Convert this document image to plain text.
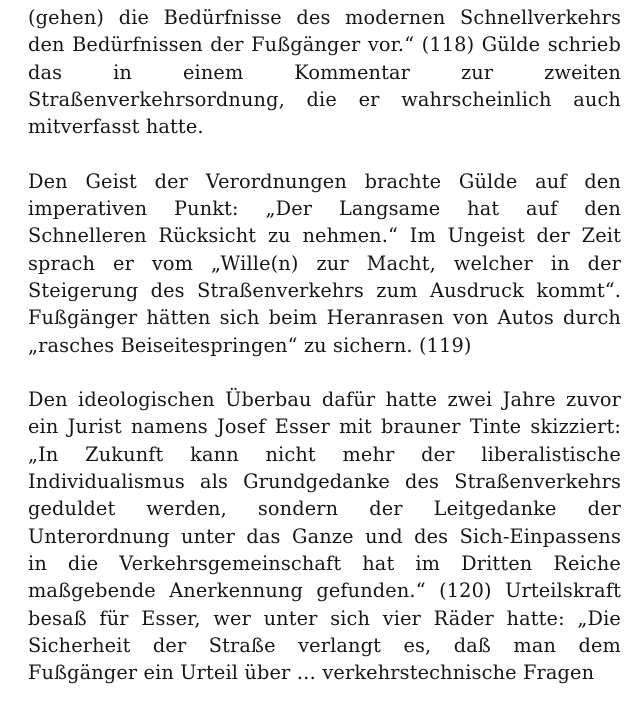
(gehen) die Bedürfnisse des modernen Schnellverkehrs
den Bedürfnissen der Fußgänger vor.“ (118) Gülde schrieb
das in einem Kommentar zur zweiten
Straßenverkehrsordnung, die er wahrscheinlich auch
mitverfasst hatte.

Den Geist der Verordnungen brachte Gülde auf den
imperativen Punkt: „Der Langsame hat auf den
Schnelleren Rücksicht zu nehmen.“ Im Ungeist der Zeit
sprach er vom „Wille(n) zur Macht, welcher in der
Steigerung des Straßenverkehrs zum Ausdruck kommt“.
Fußgänger hätten sich beim Heranrasen von Autos durch
„rasches Beiseitespringen“ zu sichern. (119)

Den ideologischen Überbau dafür hatte zwei Jahre zuvor
ein Jurist namens Josef Esser mit brauner Tinte skizziert:
„In Zukunft kann nicht mehr der liberalistische
Individualismus als Grundgedanke des Straßenverkehrs
geduldet werden, sondern der Leitgedanke der
Unterordnung unter das Ganze und des Sich-Einpassens
in die Verkehrsgemeinschaft hat im Dritten Reiche
maßgebende Anerkennung gefunden.“ (120) Urteilskraft
besaß für Esser, wer unter sich vier Räder hatte: „Die
Sicherheit der Straße verlangt es, daß man dem
Fußgänger ein Urteil über … verkehrstechnische Fragen
